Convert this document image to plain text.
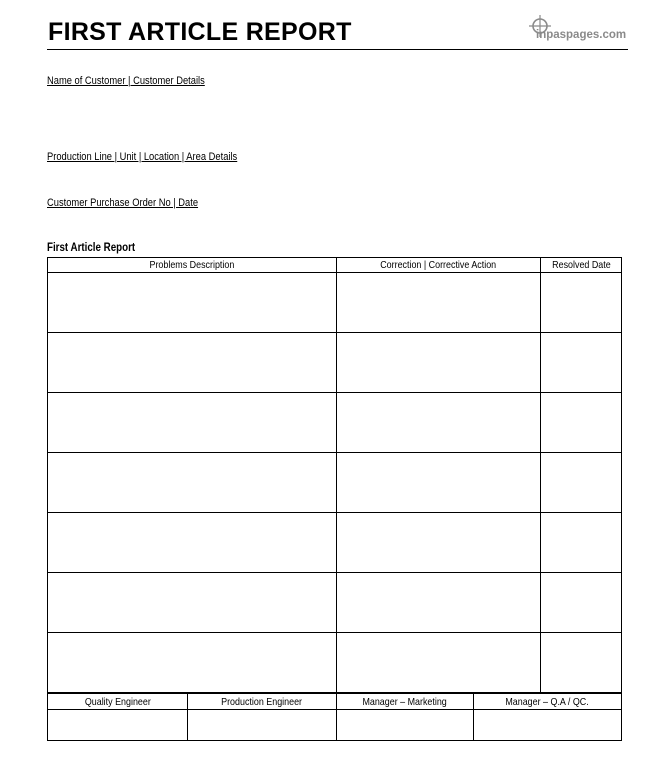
FIRST ARTICLE REPORT	inpaspages.com
Name of Customer | Customer Details
Production Line | Unit | Location | Area Details
Customer Purchase Order No | Date
First Article Report
Problems Description	Correction | Corrective Action	Resolved Date

Quality Engineer	Production Engineer	Manager – Marketing	Manager – Q.A / QC.
